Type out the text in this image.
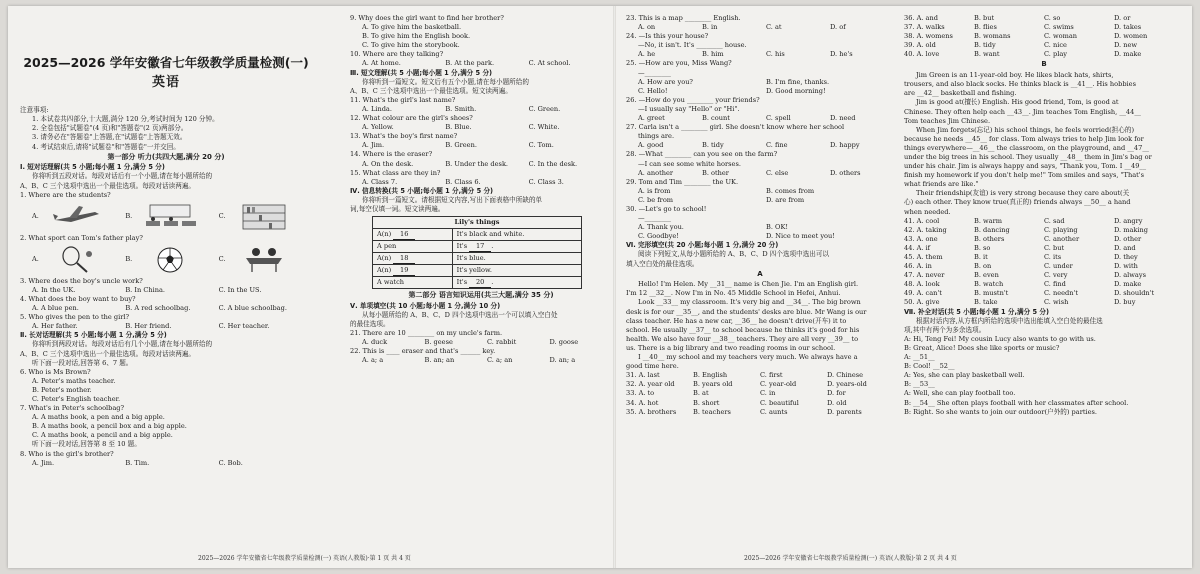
2025—2026 学年安徽省七年级教学质量检测(一)
英语

注意事项:

1. 本试卷共四部分,十大题,满分 120 分,考试时间为 120 分钟。

2. 全卷包括"试题卷"(4 页)和"答题卷"(2 页)两部分。

3. 请务必在"答题卷"上答题,在"试题卷"上答题无效。

4. 考试结束后,请将"试题卷"和"答题卷"一并交回。

第一部分 听力(共四大题,满分 20 分)

Ⅰ. 短对话理解(共 5 小题;每小题 1 分,满分 5 分)

你将听到五段对话。每段对话后有一个小题,请在每小题所给的

A、B、C 三个选项中选出一个最佳选项。每段对话读两遍。

1. Where are the students?

A.	B.	C.

2. What sport can Tom's father play?

A.	B.	C.

3. Where does the boy's uncle work?

A. In the UK.	B. In China.	C. In the US.

4. What does the boy want to buy?

A. A blue pen.	B. A red schoolbag.	C. A blue schoolbag.

5. Who gives the pen to the girl?

A. Her father.	B. Her friend.	C. Her teacher.

Ⅱ. 长对话理解(共 5 小题;每小题 1 分,满分 5 分)

你将听到两段对话。每段对话后有几个小题,请在每小题所给的

A、B、C 三个选项中选出一个最佳选项。每段对话读两遍。

听下面一段对话,回答第 6、7 题。

6. Who is Ms Brown?

A. Peter's maths teacher.

B. Peter's mother.

C. Peter's English teacher.

7. What's in Peter's schoolbag?

A. A maths book, a pen and a big apple.

B. A maths book, a pencil box and a big apple.

C. A maths book, a pencil and a big apple.

听下面一段对话,回答第 8 至 10 题。

8. Who is the girl's brother?

A. Jim.	B. Tim.	C. Bob.

9. Why does the girl want to find her brother?

A. To give him the basketball.

B. To give him the English book.

C. To give him the storybook.

10. Where are they talking?

A. At home.	B. At the park.	C. At school.

Ⅲ. 短文理解(共 5 小题;每小题 1 分,满分 5 分)

你将听到一篇短文。短文后有五个小题,请在每小题所给的

A、B、C 三个选项中选出一个最佳选项。短文读两遍。

11. What's the girl's last name?

A. Linda.	B. Smith.	C. Green.

12. What colour are the girl's shoes?

A. Yellow.	B. Blue.	C. White.

13. What's the boy's first name?

A. Jim.	B. Green.	C. Tom.

14. Where is the eraser?

A. On the desk.	B. Under the desk.	C. In the desk.

15. What class are they in?

A. Class 7.	B. Class 6.	C. Class 3.

Ⅳ. 信息转换(共 5 小题;每小题 1 分,满分 5 分)

你将听到一篇短文。请根据短文内容,写出下面表格中所缺的单

词,每空仅填一词。短文读两遍。

Lily's things	
A(n) 16	It's black and white.
A pen	It's 17 .
A(n) 18	It's blue.
A(n) 19	It's yellow.
A watch	It's 20 .

第二部分 语言知识运用(共三大题,满分 35 分)

Ⅴ. 单项填空(共 10 小题;每小题 1 分,满分 10 分)

从每小题所给的 A、B、C、D 四个选项中选出一个可以填入空白处

的最佳选项。

21. There are 10 ________ on my uncle's farm.

A. duck	B. geese	C. rabbit	D. goose

22. This is ____ eraser and that's ______ key.

A. a; a	B. an; an	C. a; an	D. an; a

23. This is a map ________ English.

A. on	B. in	C. at	D. of

24. —Is this your house?

—No, it isn't. It's ________ house.

A. he	B. him	C. his	D. he's

25. —How are you, Miss Wang?

—________

A. How are you?	B. I'm fine, thanks.
C. Hello!	D. Good morning!

26. —How do you ________ your friends?

—I usually say "Hello" or "Hi".

A. greet	B. count	C. spell	D. need

27. Carla isn't a ________ girl. She doesn't know where her school

things are.

A. good	B. tidy	C. fine	D. happy

28. —What ________ can you see on the farm?

—I can see some white horses.

A. another	B. other	C. else	D. others

29. Tom and Tim ________ the UK.

A. is from	B. comes from
C. be from	D. are from

30. —Let's go to school!

—________

A. Thank you.	B. OK!
C. Goodbye!	D. Nice to meet you!

Ⅵ. 完形填空(共 20 小题;每小题 1 分,满分 20 分)

阅读下列短文,从每小题所给的 A、B、C、D 四个选项中选出可以

填入空白处的最佳选项。

A

Hello! I'm Helen. My __31__ name is Chen Jie. I'm an English girl.

I'm 12 __32__. Now I'm in No. 45 Middle School in Hefei, Anhui.

Look __33__ my classroom. It's very big and __34__. The big brown

desk is for our __35__, and the students' desks are blue. Mr Wang is our

class teacher. He has a new car, __36__ he doesn't drive(开车) it to

school. He usually __37__ to school because he thinks it's good for his

health. We also have four __38__ teachers. They are all very __39__ to

us. There is a big library and two reading rooms in our school.

I __40__ my school and my teachers very much. We always have a

good time here.

31. A. last	B. English	C. first	D. Chinese
32. A. year old	B. years old	C. year-old	D. years-old
33. A. to	B. at	C. in	D. for
34. A. hot	B. short	C. beautiful	D. old
35. A. brothers	B. teachers	C. aunts	D. parents
36. A. and	B. but	C. so	D. or
37. A. walks	B. flies	C. swims	D. takes
38. A. womens	B. womans	C. woman	D. women
39. A. old	B. tidy	C. nice	D. new
40. A. love	B. want	C. play	D. make

B

Jim Green is an 11-year-old boy. He likes black hats, shirts,

trousers, and also black socks. He thinks black is __41__. His hobbies

are __42__ basketball and fishing.

Jim is good at(擅长) English. His good friend, Tom, is good at

Chinese. They often help each __43__. Jim teaches Tom English, __44__

Tom teaches Jim Chinese.

When Jim forgets(忘记) his school things, he feels worried(担心的)

because he needs __45__ for class. Tom always tries to help Jim look for

things everywhere—__46__ the classroom, on the playground, and __47__

under the big trees in his school. They usually __48__ them in Jim's bag or

under his chair. Jim is always happy and says, "Thank you, Tom. I __49__

finish my homework if you don't help me!" Tom smiles and says, "That's

what friends are like."

Their friendship(友谊) is very strong because they care about(关

心) each other. They know true(真正的) friends always __50__ a hand

when needed.

41. A. cool	B. warm	C. sad	D. angry
42. A. taking	B. dancing	C. playing	D. making
43. A. one	B. others	C. another	D. other
44. A. if	B. so	C. but	D. and
45. A. them	B. it	C. its	D. they
46. A. in	B. on	C. under	D. with
47. A. never	B. even	C. very	D. always
48. A. look	B. watch	C. find	D. make
49. A. can't	B. mustn't	C. needn't	D. shouldn't
50. A. give	B. take	C. wish	D. buy

Ⅶ. 补全对话(共 5 小题;每小题 1 分,满分 5 分)

根据对话内容,从方框内所给的选项中选出能填入空白处的最佳选

项,其中有两个为多余选项。

A: Hi, Teng Fei! My cousin Lucy also wants to go with us.

B: Great, Alice! Does she like sports or music?

A: __51__

B: Cool! __52__

A: Yes, she can play basketball well.

B: __53__

A: Well, she can play football too.

B: __54__ She often plays football with her classmates after school.

B: Right. So she wants to join our outdoor(户外的) parties.

2025—2026 学年安徽省七年级教学质量检测(一) 英语(人教版)·第 1 页 共 4 页	2025—2026 学年安徽省七年级教学质量检测(一) 英语(人教版)·第 2 页 共 4 页
